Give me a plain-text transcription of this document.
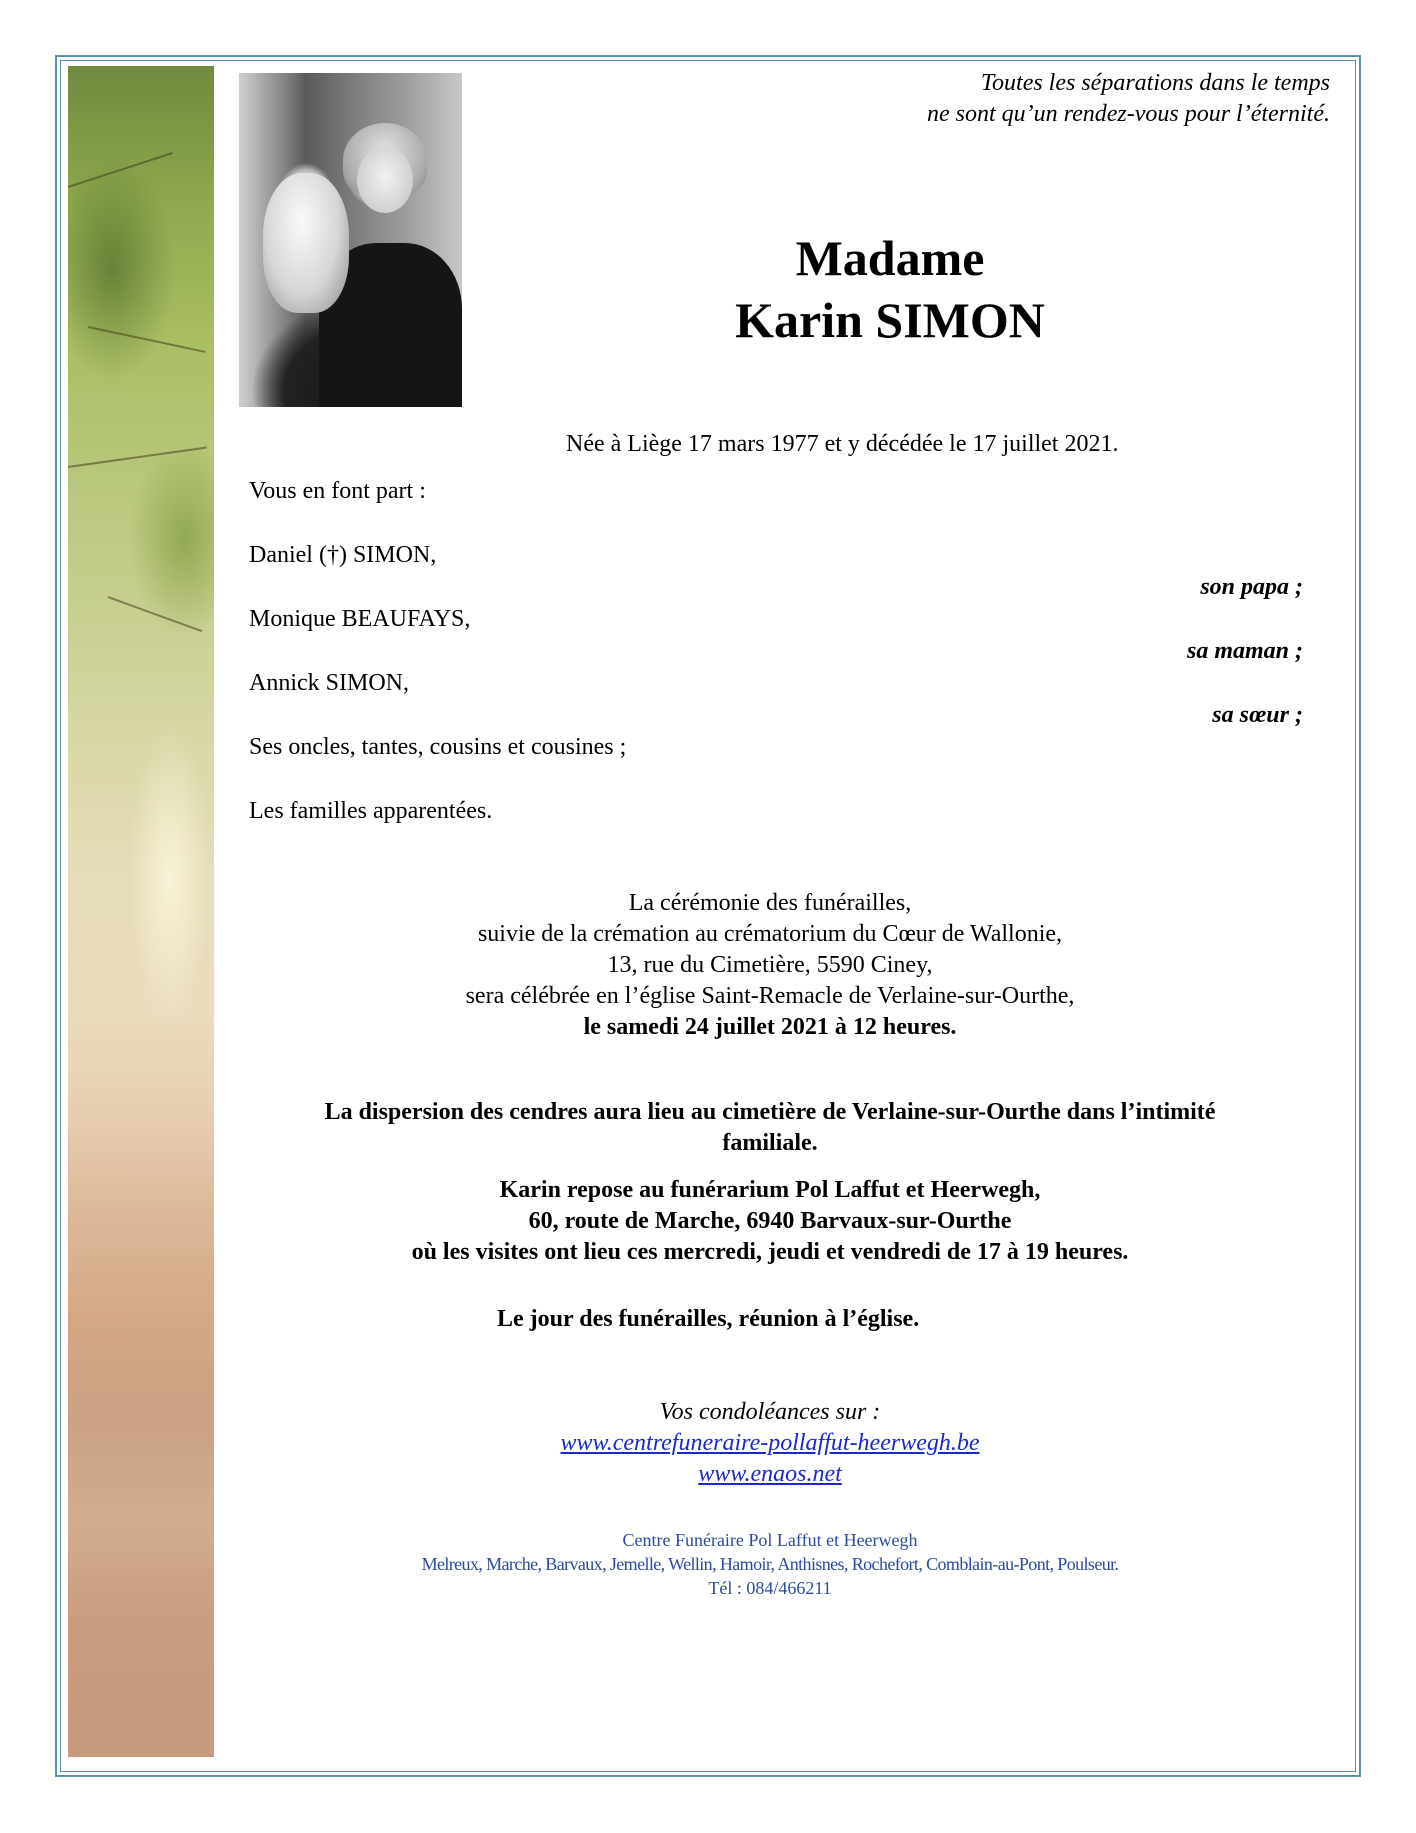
Toutes les séparations dans le temps
ne sont qu’un rendez-vous pour l’éternité.
Madame
Karin SIMON
Née à Liège 17 mars 1977 et y décédée le 17 juillet 2021.
Vous en font part :
Daniel (†) SIMON,
son papa ;
Monique BEAUFAYS,
sa maman ;
Annick SIMON,
sa sœur ;
Ses oncles, tantes, cousins et cousines ;
Les familles apparentées.
La cérémonie des funérailles,
suivie de la crémation au crématorium du Cœur de Wallonie,
13, rue du Cimetière, 5590 Ciney,
sera célébrée en l’église Saint-Remacle de Verlaine-sur-Ourthe,
le samedi 24 juillet 2021 à 12 heures.
La dispersion des cendres aura lieu au cimetière de Verlaine-sur-Ourthe dans l’intimité
familiale.
Karin repose au funérarium Pol Laffut et Heerwegh,
60, route de Marche, 6940 Barvaux-sur-Ourthe
où les visites ont lieu ces mercredi, jeudi et vendredi de 17 à 19 heures.
Le jour des funérailles, réunion à l’église.
Vos condoléances sur :
www.centrefuneraire-pollaffut-heerwegh.be
www.enaos.net
Centre Funéraire Pol Laffut et Heerwegh
Melreux, Marche, Barvaux, Jemelle, Wellin, Hamoir, Anthisnes, Rochefort, Comblain-au-Pont, Poulseur.
Tél : 084/466211
